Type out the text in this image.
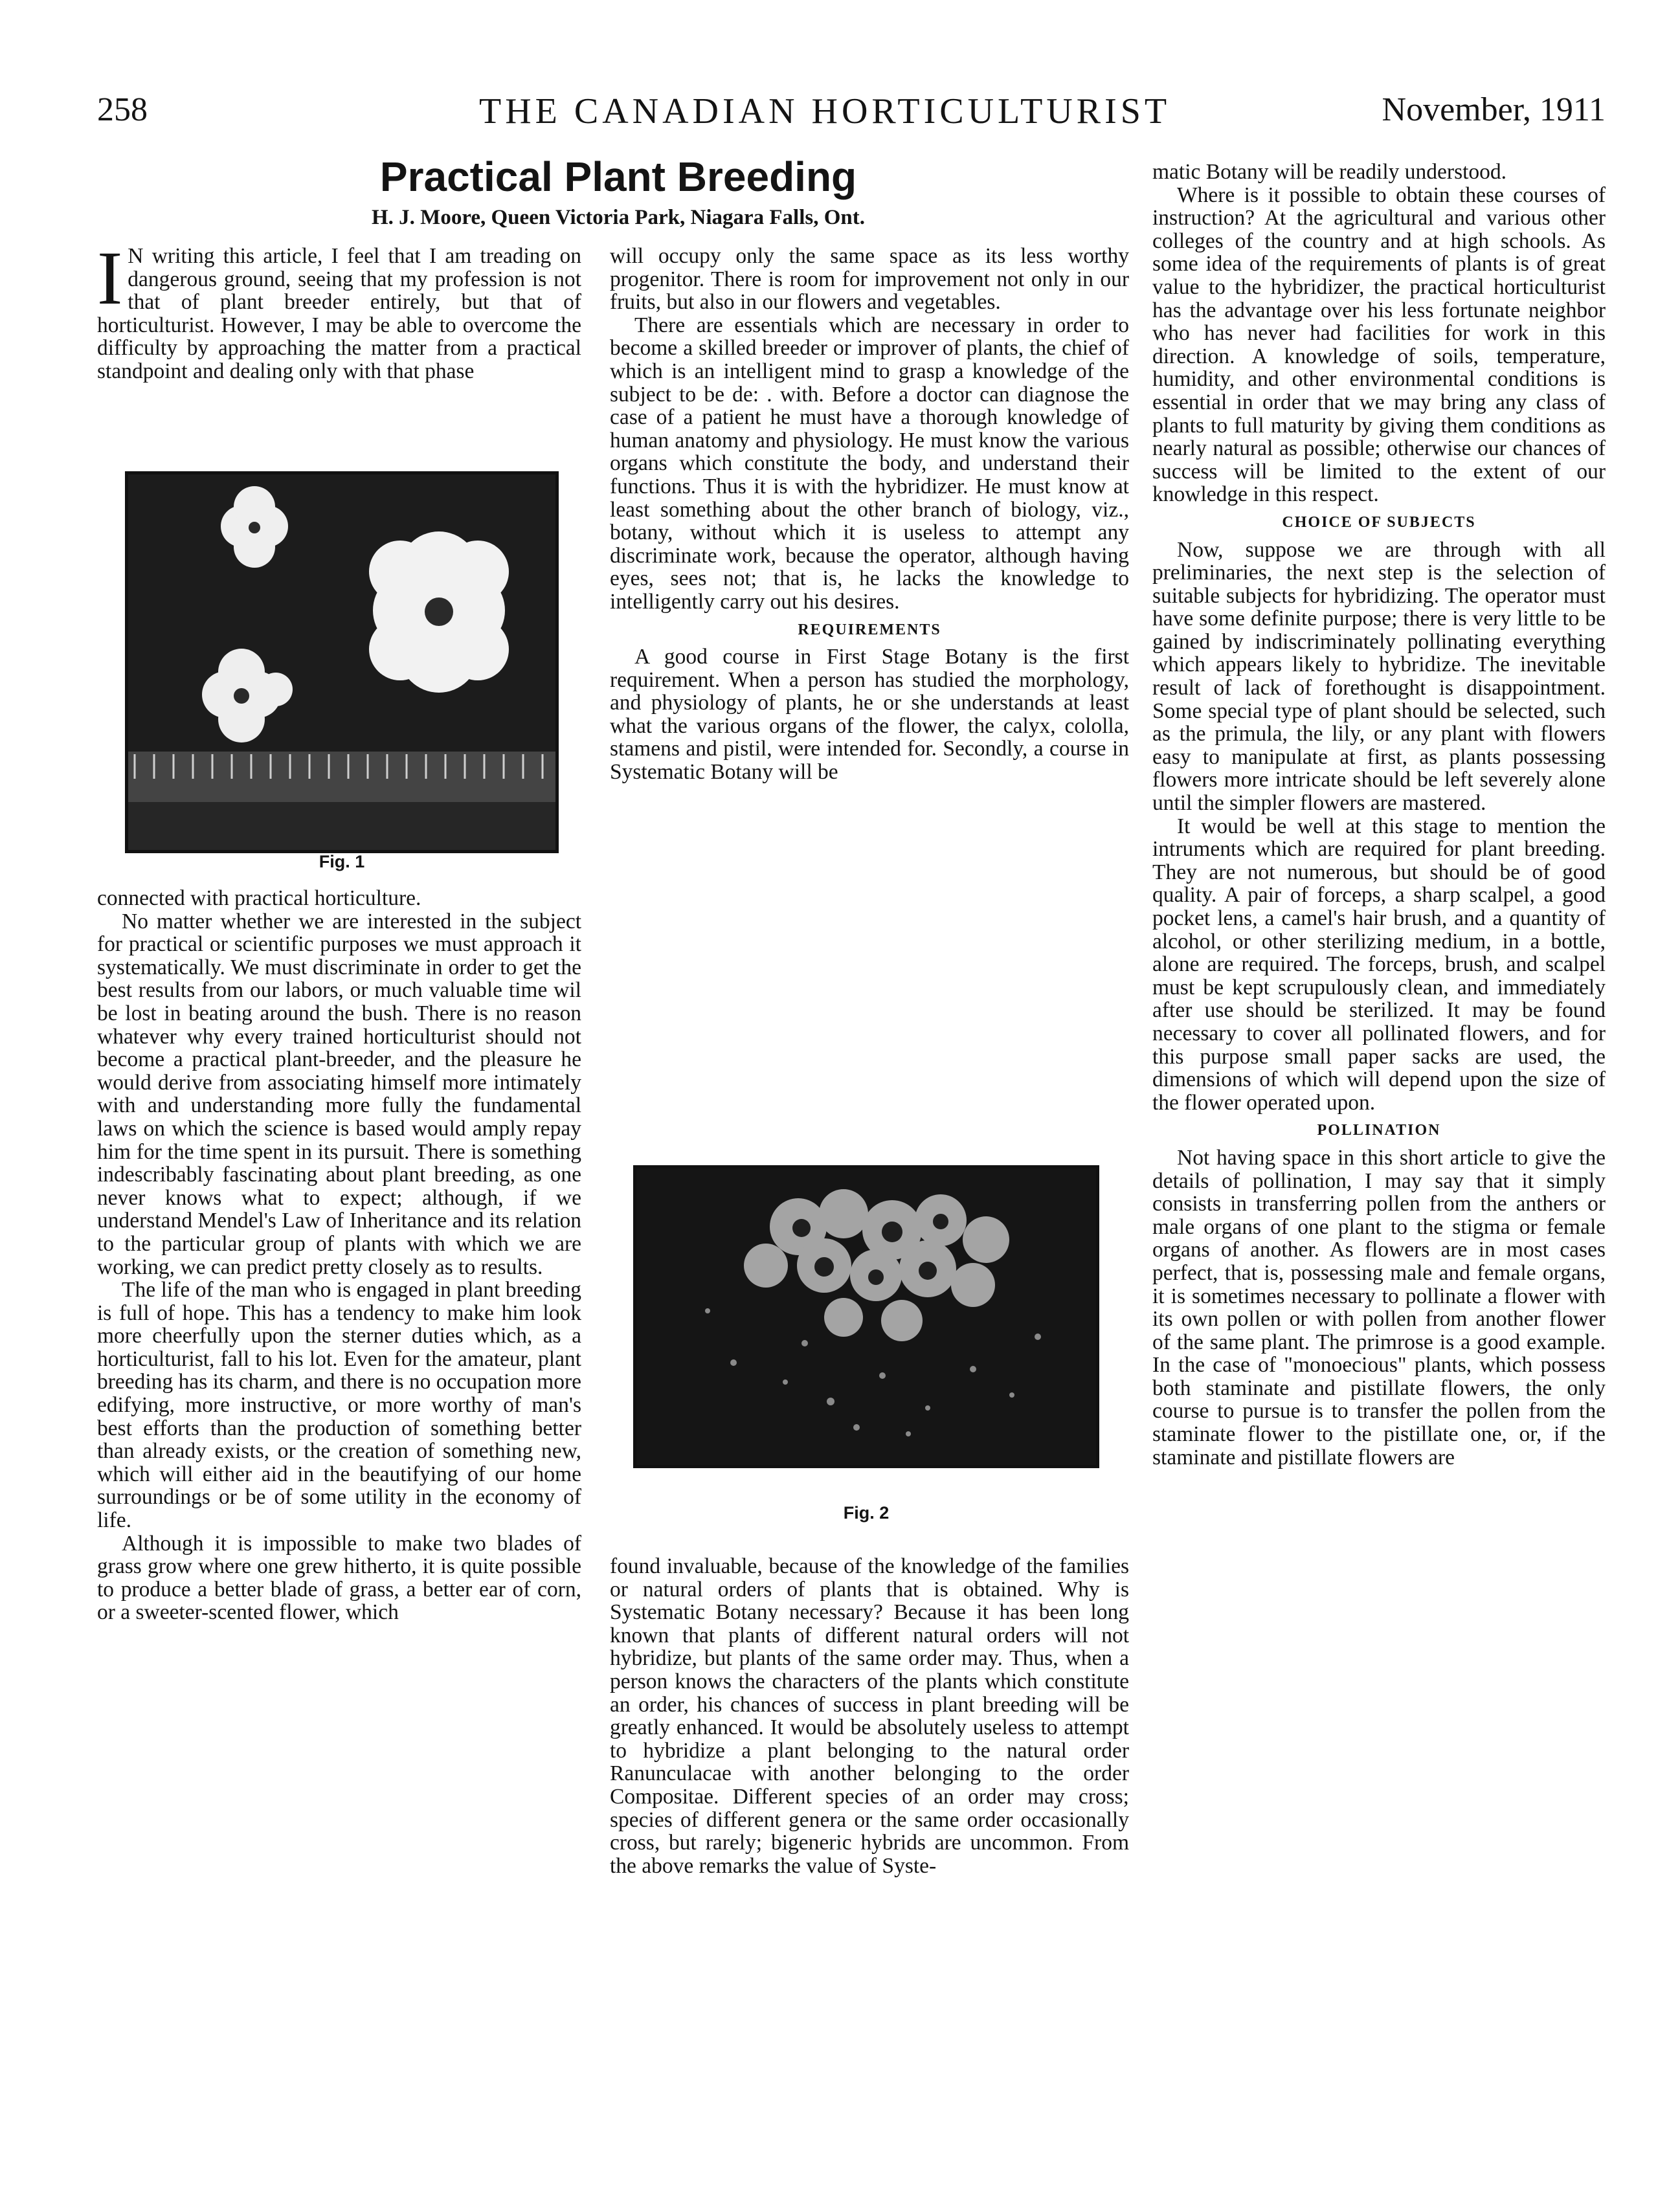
258	THE CANADIAN HORTICULTURIST	November, 1911
Practical Plant Breeding
H. J. Moore, Queen Victoria Park, Niagara Falls, Ont.

I N writing this article, I feel that I am treading on dangerous ground, seeing that my profession is not that of plant breeder entirely, but that of horticulturist. However, I may be able to overcome the difficulty by approaching the matter from a practical standpoint and dealing only with that phase

Fig. 1

connected with practical horticulture.

No matter whether we are interested in the subject for practical or scientific purposes we must approach it systematically. We must discriminate in order to get the best results from our labors, or much valuable time wil be lost in beating around the bush. There is no reason whatever why every trained horticulturist should not become a practical plant-breeder, and the pleasure he would derive from associating himself more intimately with and understanding more fully the fundamental laws on which the science is based would amply repay him for the time spent in its pursuit. There is something indescribably fascinating about plant breeding, as one never knows what to expect; although, if we understand Mendel's Law of Inheritance and its relation to the particular group of plants with which we are working, we can predict pretty closely as to results.

The life of the man who is engaged in plant breeding is full of hope. This has a tendency to make him look more cheerfully upon the sterner duties which, as a horticulturist, fall to his lot. Even for the amateur, plant breeding has its charm, and there is no occupation more edifying, more instructive, or more worthy of man's best efforts than the production of something better than already exists, or the creation of something new, which will either aid in the beautifying of our home surroundings or be of some utility in the economy of life.

Although it is impossible to make two blades of grass grow where one grew hitherto, it is quite possible to produce a better blade of grass, a better ear of corn, or a sweeter-scented flower, which

will occupy only the same space as its less worthy progenitor. There is room for improvement not only in our fruits, but also in our flowers and vegetables.

There are essentials which are necessary in order to become a skilled breeder or improver of plants, the chief of which is an intelligent mind to grasp a knowledge of the subject to be de: . with. Before a doctor can diagnose the case of a patient he must have a thorough knowledge of human anatomy and physiology. He must know the various organs which constitute the body, and understand their functions. Thus it is with the hybridizer. He must know at least something about the other branch of biology, viz., botany, without which it is useless to attempt any discriminate work, because the operator, although having eyes, sees not; that is, he lacks the knowledge to intelligently carry out his desires.

REQUIREMENTS

A good course in First Stage Botany is the first requirement. When a person has studied the morphology, and physiology of plants, he or she understands at least what the various organs of the flower, the calyx, cololla, stamens and pistil, were intended for. Secondly, a course in Systematic Botany will be

Fig. 2

found invaluable, because of the knowledge of the families or natural orders of plants that is obtained. Why is Systematic Botany necessary? Because it has been long known that plants of different natural orders will not hybridize, but plants of the same order may. Thus, when a person knows the characters of the plants which constitute an order, his chances of success in plant breeding will be greatly enhanced. It would be absolutely useless to attempt to hybridize a plant belonging to the natural order Ranunculacae with another belonging to the order Compositae. Different species of an order may cross; species of different genera or the same order occasionally cross, but rarely; bigeneric hybrids are uncommon. From the above remarks the value of Syste-

matic Botany will be readily understood.

Where is it possible to obtain these courses of instruction? At the agricultural and various other colleges of the country and at high schools. As some idea of the requirements of plants is of great value to the hybridizer, the practical horticulturist has the advantage over his less fortunate neighbor who has never had facilities for work in this direction. A knowledge of soils, temperature, humidity, and other environmental conditions is essential in order that we may bring any class of plants to full maturity by giving them conditions as nearly natural as possible; otherwise our chances of success will be limited to the extent of our knowledge in this respect.

CHOICE OF SUBJECTS

Now, suppose we are through with all preliminaries, the next step is the selection of suitable subjects for hybridizing. The operator must have some definite purpose; there is very little to be gained by indiscriminately pollinating everything which appears likely to hybridize. The inevitable result of lack of forethought is disappointment. Some special type of plant should be selected, such as the primula, the lily, or any plant with flowers easy to manipulate at first, as plants possessing flowers more intricate should be left severely alone until the simpler flowers are mastered.

It would be well at this stage to mention the intruments which are required for plant breeding. They are not numerous, but should be of good quality. A pair of forceps, a sharp scalpel, a good pocket lens, a camel's hair brush, and a quantity of alcohol, or other sterilizing medium, in a bottle, alone are required. The forceps, brush, and scalpel must be kept scrupulously clean, and immediately after use should be sterilized. It may be found necessary to cover all pollinated flowers, and for this purpose small paper sacks are used, the dimensions of which will depend upon the size of the flower operated upon.

POLLINATION

Not having space in this short article to give the details of pollination, I may say that it simply consists in transferring pollen from the anthers or male organs of one plant to the stigma or female organs of another. As flowers are in most cases perfect, that is, possessing male and female organs, it is sometimes necessary to pollinate a flower with its own pollen or with pollen from another flower of the same plant. The primrose is a good example. In the case of "monoecious" plants, which possess both staminate and pistillate flowers, the only course to pursue is to transfer the pollen from the staminate flower to the pistillate one, or, if the staminate and pistillate flowers are
